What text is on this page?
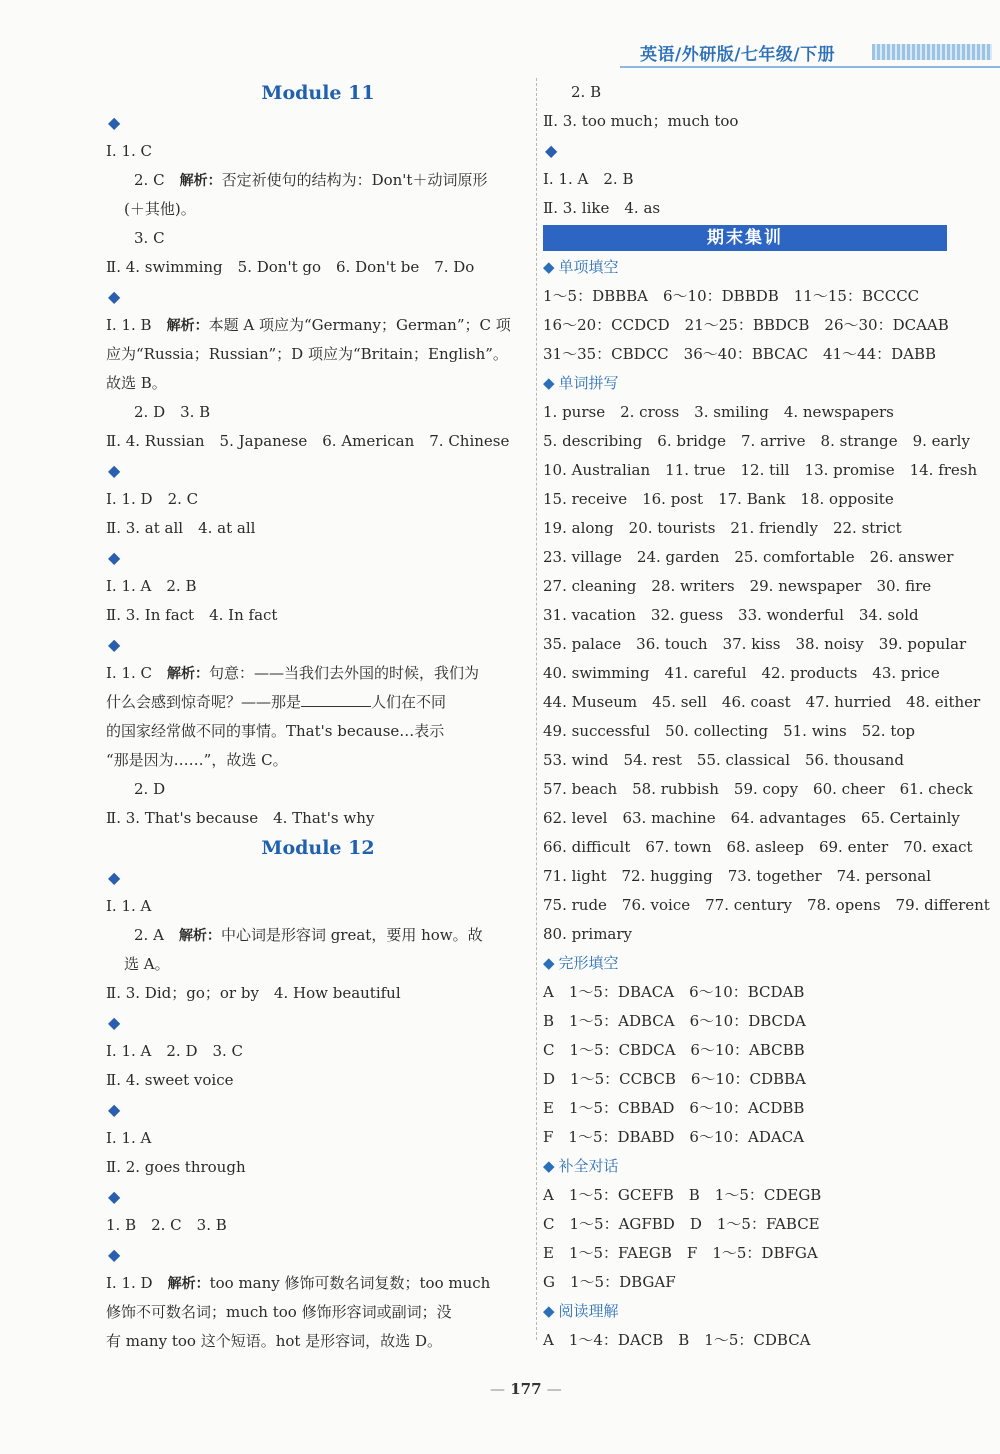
英语/外研版/七年级/下册
Module 11
◆
Ⅰ. 1. C
2. C　 解析：否定祈使句的结构为：Don't＋动词原形
(＋其他)。
3. C
Ⅱ. 4. swimming　5. Don't go　6. Don't be　7. Do
◆
Ⅰ. 1. B　 解析：本题 A 项应为“Germany；German”；C 项
应为“Russia；Russian”；D 项应为“Britain；English”。
故选 B。
2. D　3. B
Ⅱ. 4. Russian　5. Japanese　6. American　7. Chinese
◆
Ⅰ. 1. D　2. C
Ⅱ. 3. at all　4. at all
◆
Ⅰ. 1. A　2. B
Ⅱ. 3. In fact　4. In fact
◆
Ⅰ. 1. C　 解析：句意：——当我们去外国的时候，我们为
什么会感到惊奇呢？——那是	人们在不同
的国家经常做不同的事情。That's because…表示
“那是因为……”，故选 C。
2. D
Ⅱ. 3. That's because　4. That's why
Module 12
◆
Ⅰ. 1. A
2. A　 解析：中心词是形容词 great，要用 how。故
选 A。
Ⅱ. 3. Did；go；or by　4. How beautiful
◆
Ⅰ. 1. A　2. D　3. C
Ⅱ. 4. sweet voice
◆
Ⅰ. 1. A
Ⅱ. 2. goes through
◆
1. B　2. C　3. B
◆
Ⅰ. 1. D　 解析：too many 修饰可数名词复数；too much
修饰不可数名词；much too 修饰形容词或副词；没
有 many too 这个短语。hot 是形容词，故选 D。
2. B
Ⅱ. 3. too much；much too
◆
Ⅰ. 1. A　2. B
Ⅱ. 3. like　4. as
期末集训
◆ 单项填空
1～5：DBBBA　6～10：DBBDB　11～15：BCCCC
16～20：CCDCD　21～25：BBDCB　26～30：DCAAB
31～35：CBDCC　36～40：BBCAC　41～44：DABB
◆ 单词拼写
1. purse　2. cross　3. smiling　4. newspapers
5. describing　6. bridge　7. arrive　8. strange　9. early
10. Australian　11. true　12. till　13. promise　14. fresh
15. receive　16. post　17. Bank　18. opposite
19. along　20. tourists　21. friendly　22. strict
23. village　24. garden　25. comfortable　26. answer
27. cleaning　28. writers　29. newspaper　30. fire
31. vacation　32. guess　33. wonderful　34. sold
35. palace　36. touch　37. kiss　38. noisy　39. popular
40. swimming　41. careful　42. products　43. price
44. Museum　45. sell　46. coast　47. hurried　48. either
49. successful　50. collecting　51. wins　52. top
53. wind　54. rest　55. classical　56. thousand
57. beach　58. rubbish　59. copy　60. cheer　61. check
62. level　63. machine　64. advantages　65. Certainly
66. difficult　67. town　68. asleep　69. enter　70. exact
71. light　72. hugging　73. together　74. personal
75. rude　76. voice　77. century　78. opens　79. different
80. primary
◆ 完形填空
A　1～5：DBACA　6～10：BCDAB
B　1～5：ADBCA　6～10：DBCDA
C　1～5：CBDCA　6～10：ABCBB
D　1～5：CCBCB　6～10：CDBBA
E　1～5：CBBAD　6～10：ACDBB
F　1～5：DBABD　6～10：ADACA
◆ 补全对话
A　1～5：GCEFB　B　1～5：CDEGB
C　1～5：AGFBD　D　1～5：FABCE
E　1～5：FAEGB　F　1～5：DBFGA
G　1～5：DBGAF
◆ 阅读理解
A　1～4：DACB　B　1～5：CDBCA
— 177 —
